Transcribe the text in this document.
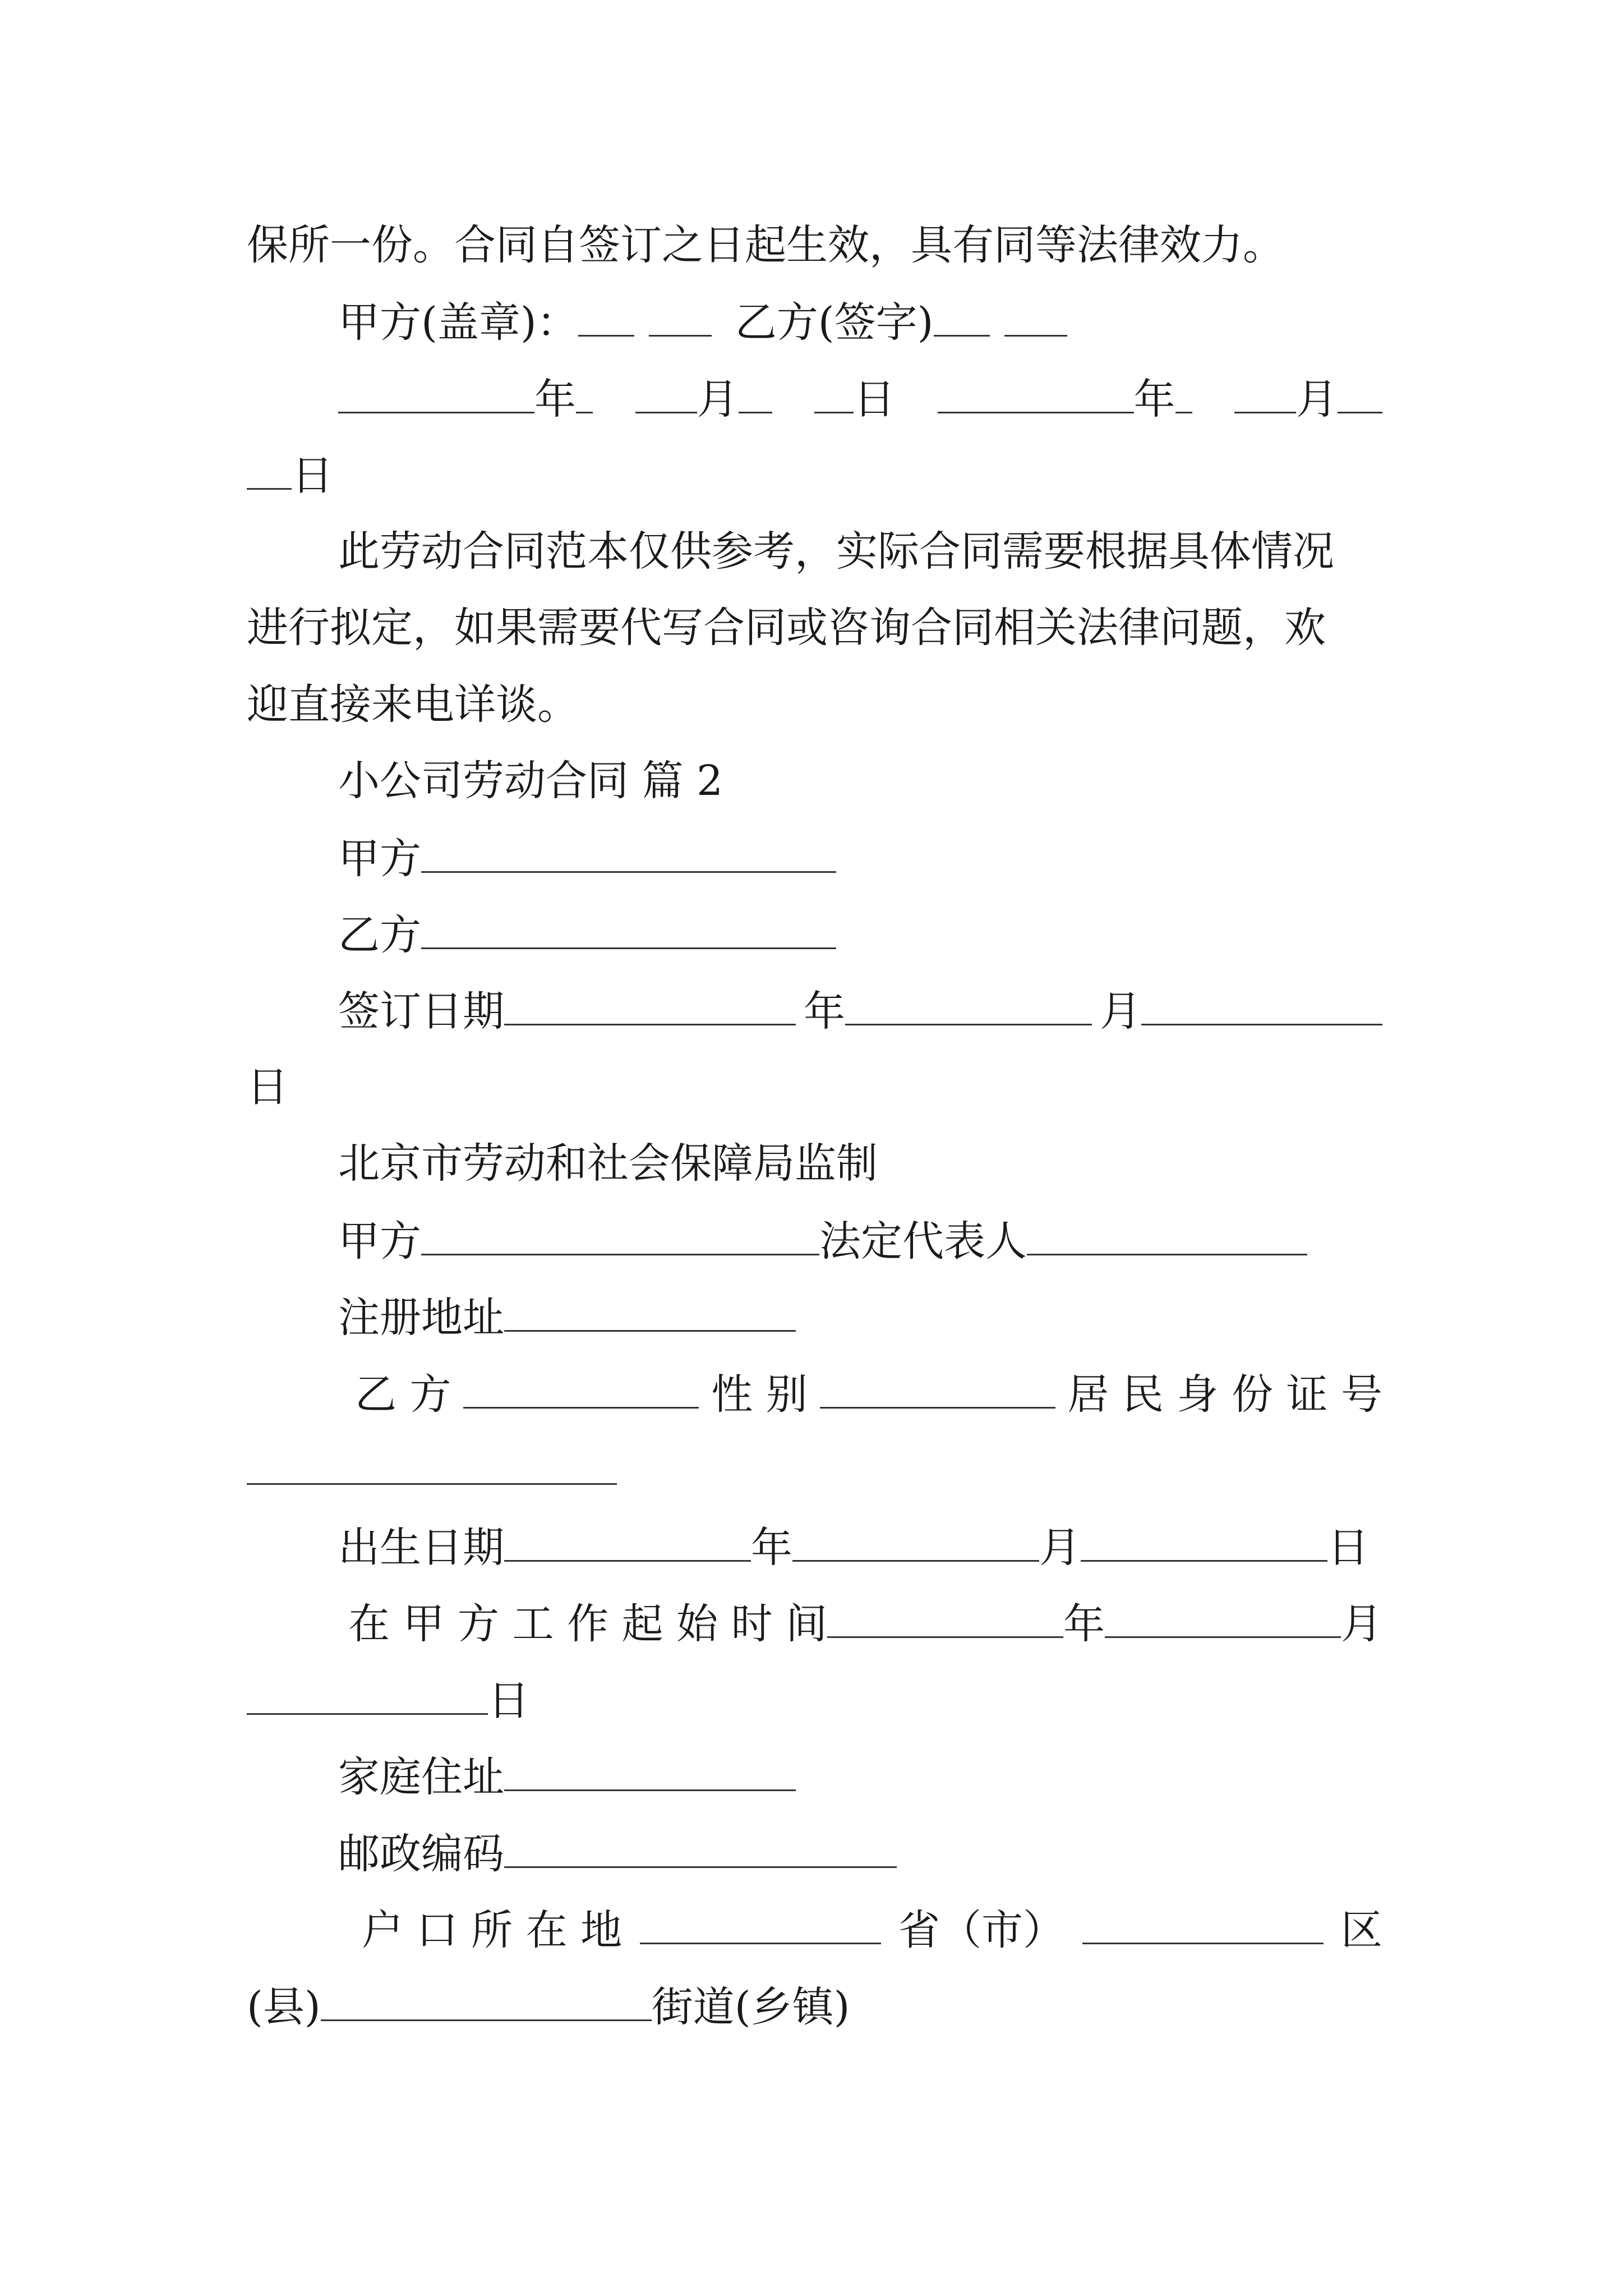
保所一份。合同自签订之日起生效，具有同等法律效力。
甲方(盖章)：	乙方(签字)
年	月	日	年	月
日
此劳动合同范本仅供参考，实际合同需要根据具体情况
进行拟定，如果需要代写合同或咨询合同相关法律问题，欢
迎直接来电详谈。
小公司劳动合同 篇 2
甲方
乙方
签订日期	年	月
日
北京市劳动和社会保障局监制
甲方	法定代表人
注册地址
乙 方	性 别	居 民 身 份 证 号
出生日期	年	月	日
在 甲 方 工 作 起 始 时 间	年	月
日
家庭住址
邮政编码
户 口 所 在 地	省（市）	区
(县)	街道(乡镇)
